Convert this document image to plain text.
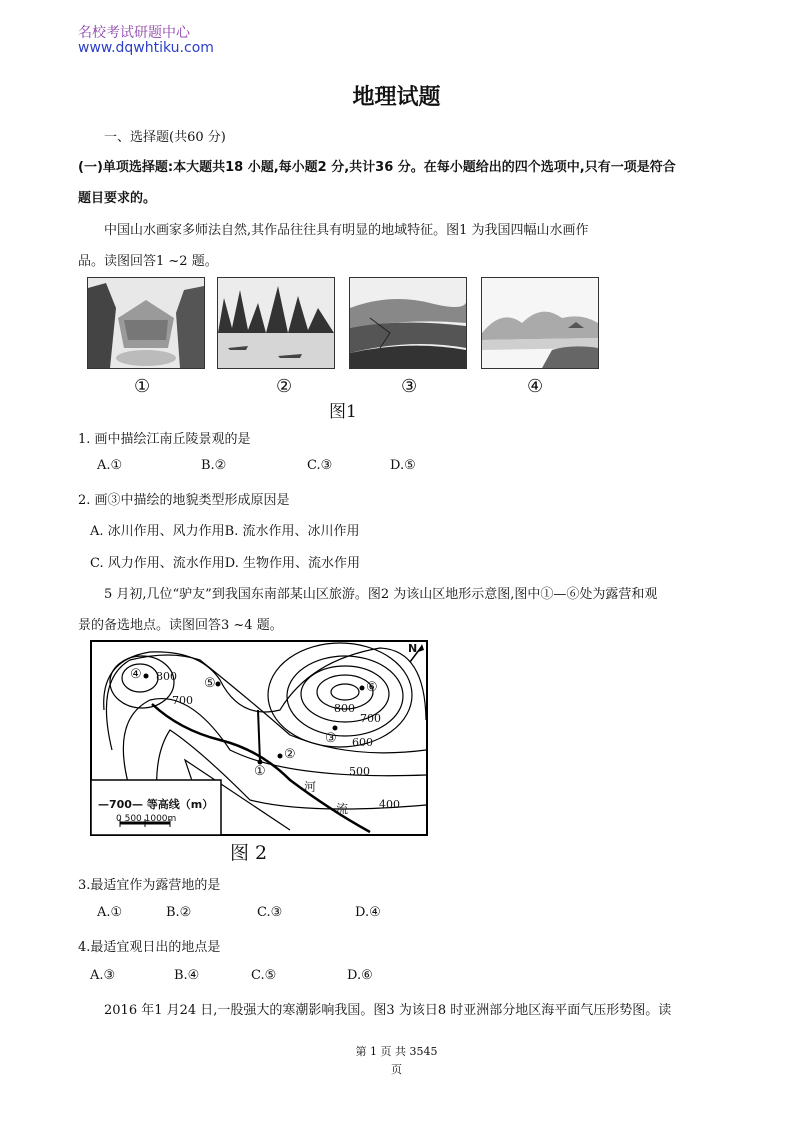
名校考试研题中心
www.dqwhtiku.com
地理试题
一、选择题(共60 分)
(一)单项选择题:本大题共18 小题,每小题2 分,共计36 分。在每小题给出的四个选项中,只有一项是符合
题目要求的。
中国山水画家多师法自然,其作品往往具有明显的地域特征。图1 为我国四幅山水画作
品。读图回答1 ~2 题。
①	②	③	④
图1
1. 画中描绘江南丘陵景观的是
A.①	B.②	C.③	D.⑤
2. 画③中描绘的地貌类型形成原因是
A. 冰川作用、风力作用B. 流水作用、冰川作用
C. 风力作用、流水作用D. 生物作用、流水作用
5 月初,几位“驴友”到我国东南部某山区旅游。图2 为该山区地形示意图,图中①—⑥处为露营和观
景的备选地点。读图回答3 ~4 题。
N
800
700
800
700
600
500
400
①
②
③
④
⑤	⑥
河
流
—700— 等高线（m）
0 500 1000m
图 2
3.最适宜作为露营地的是
A.①	B.②	C.③	D.④
4.最适宜观日出的地点是
A.③	B.④	C.⑤	D.⑥
2016 年1 月24 日,一股强大的寒潮影响我国。图3 为该日8 时亚洲部分地区海平面气压形势图。读
第 1 页 共 3545
页
